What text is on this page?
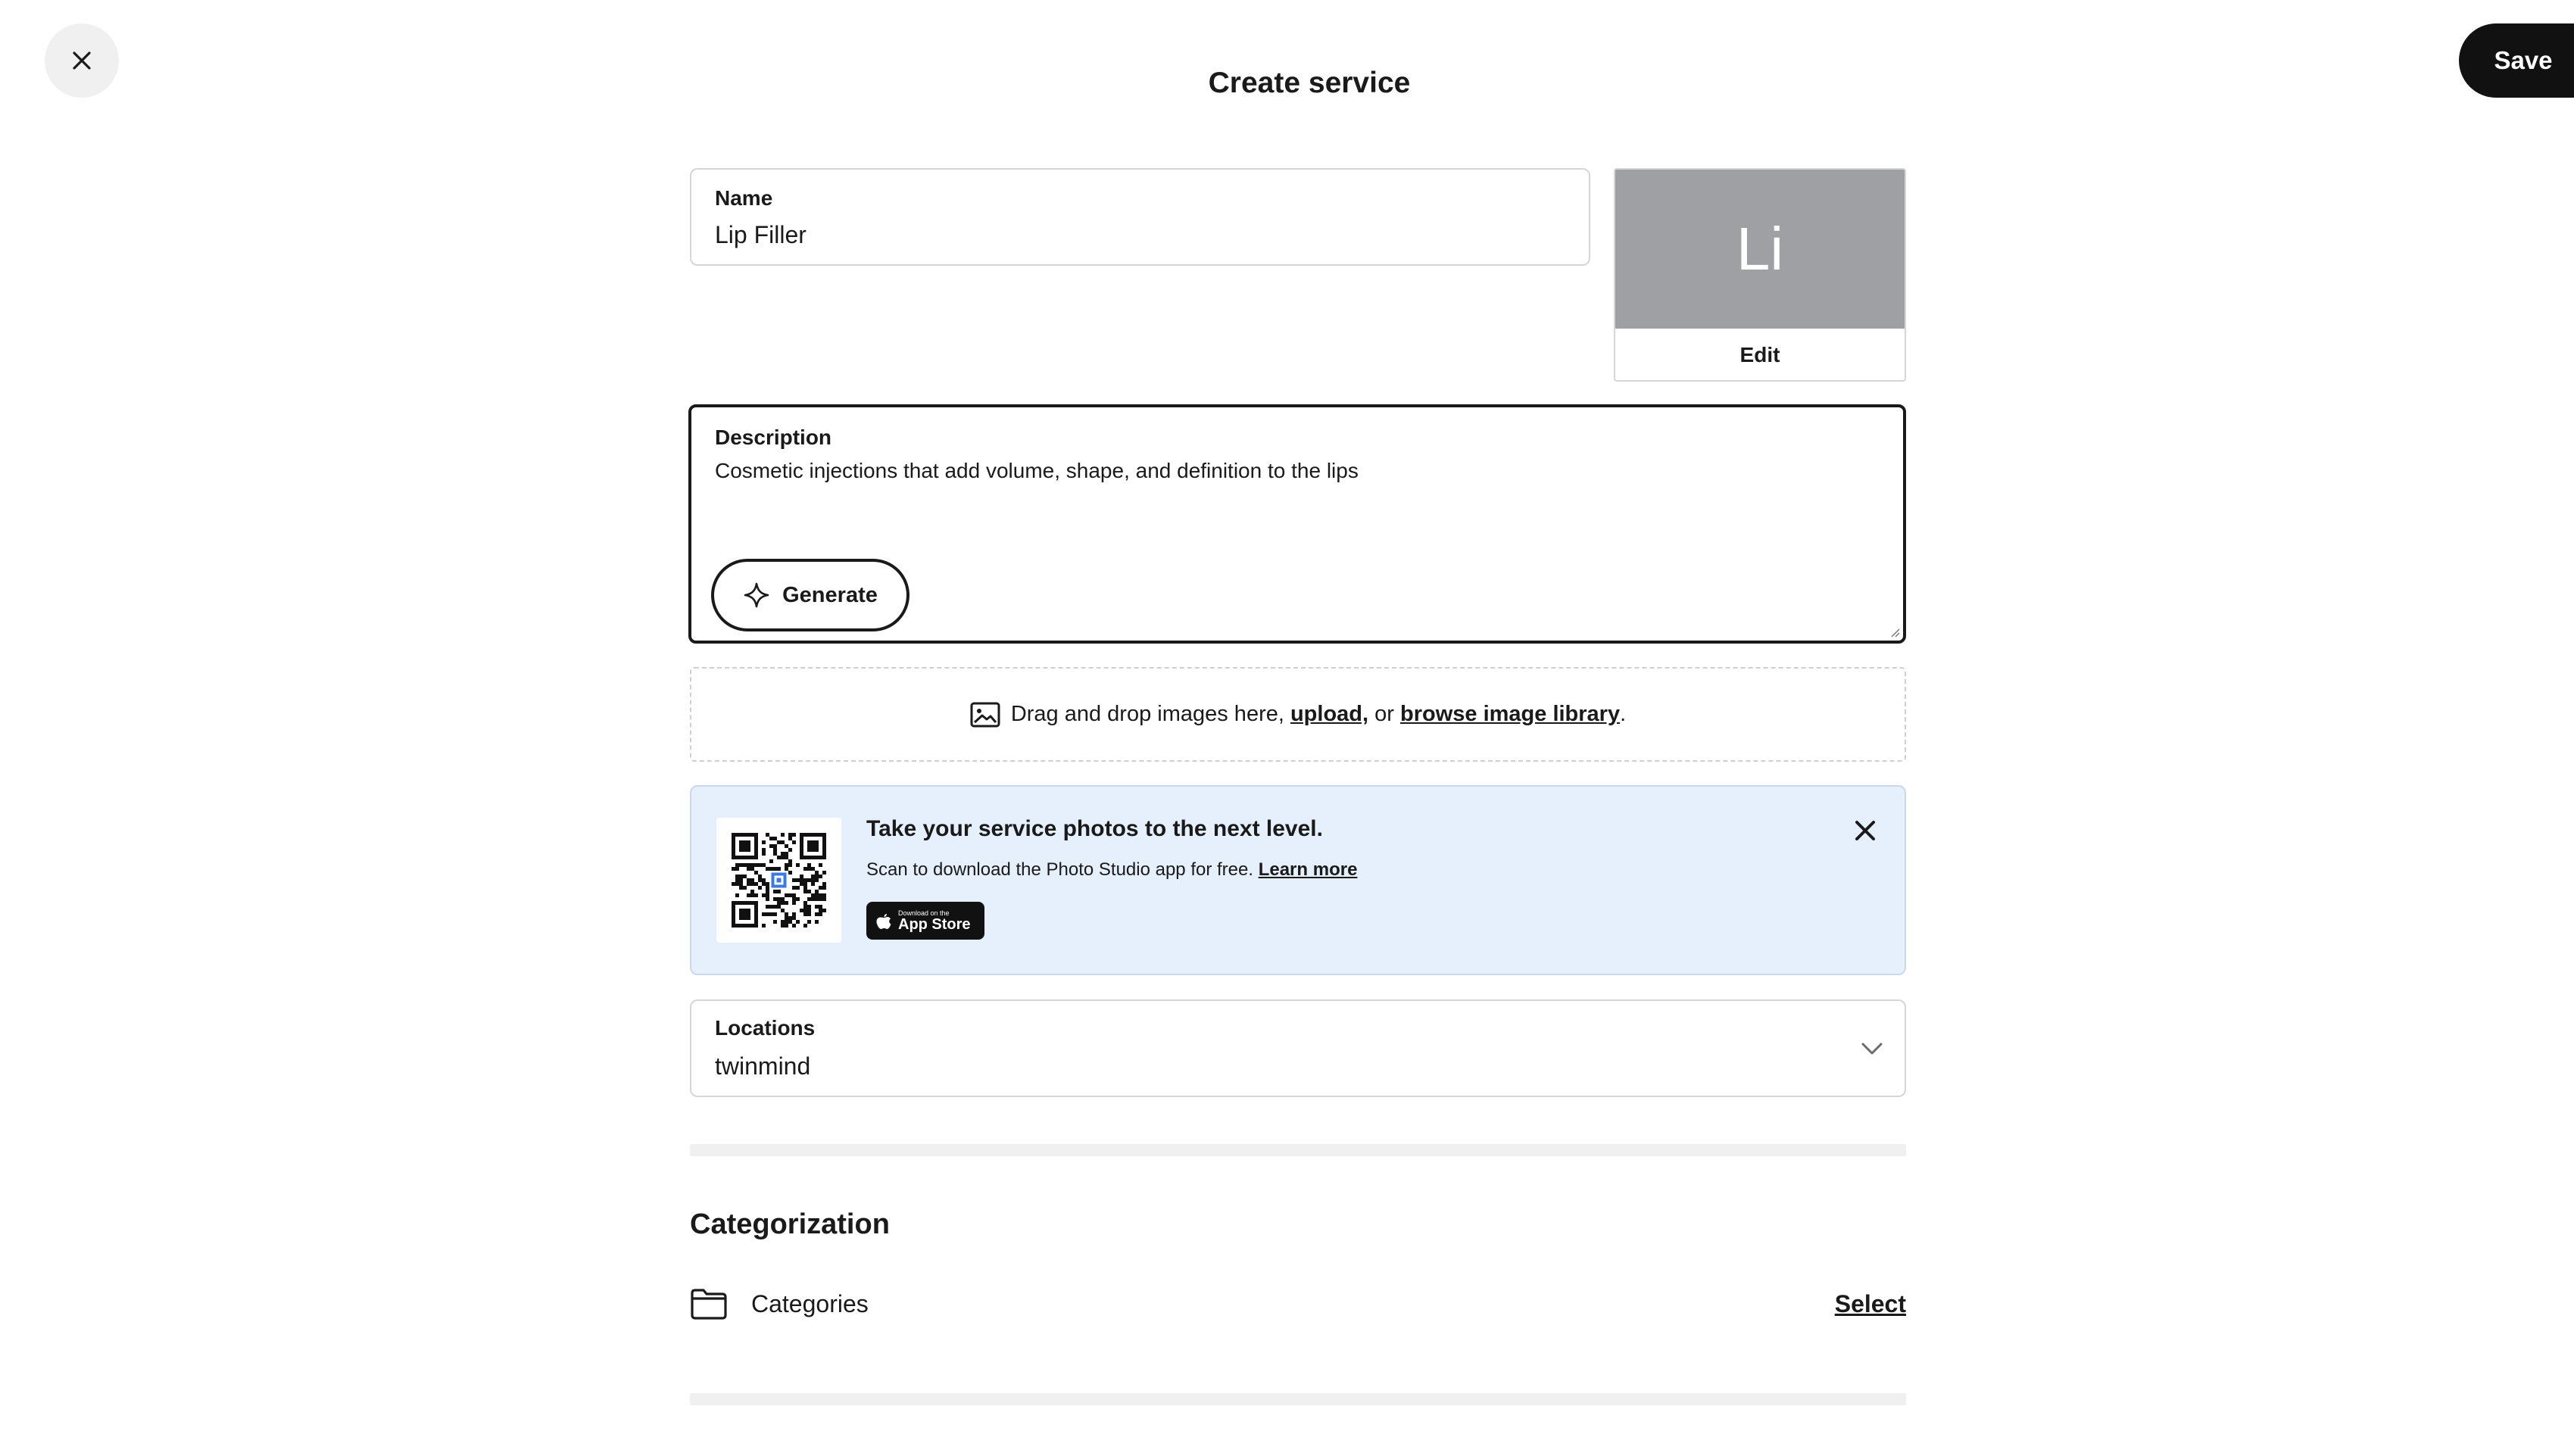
Create service
Save
Name
Lip Filler	Li
Edit
Description
Cosmetic injections that add volume, shape, and definition to the lips
Generate
Drag and drop images here, upload, or browse image library.
Take your service photos to the next level.
Scan to download the Photo Studio app for free. Learn more
Download on the
App Store
Locations
twinmind
Categorization
Categories	Select
